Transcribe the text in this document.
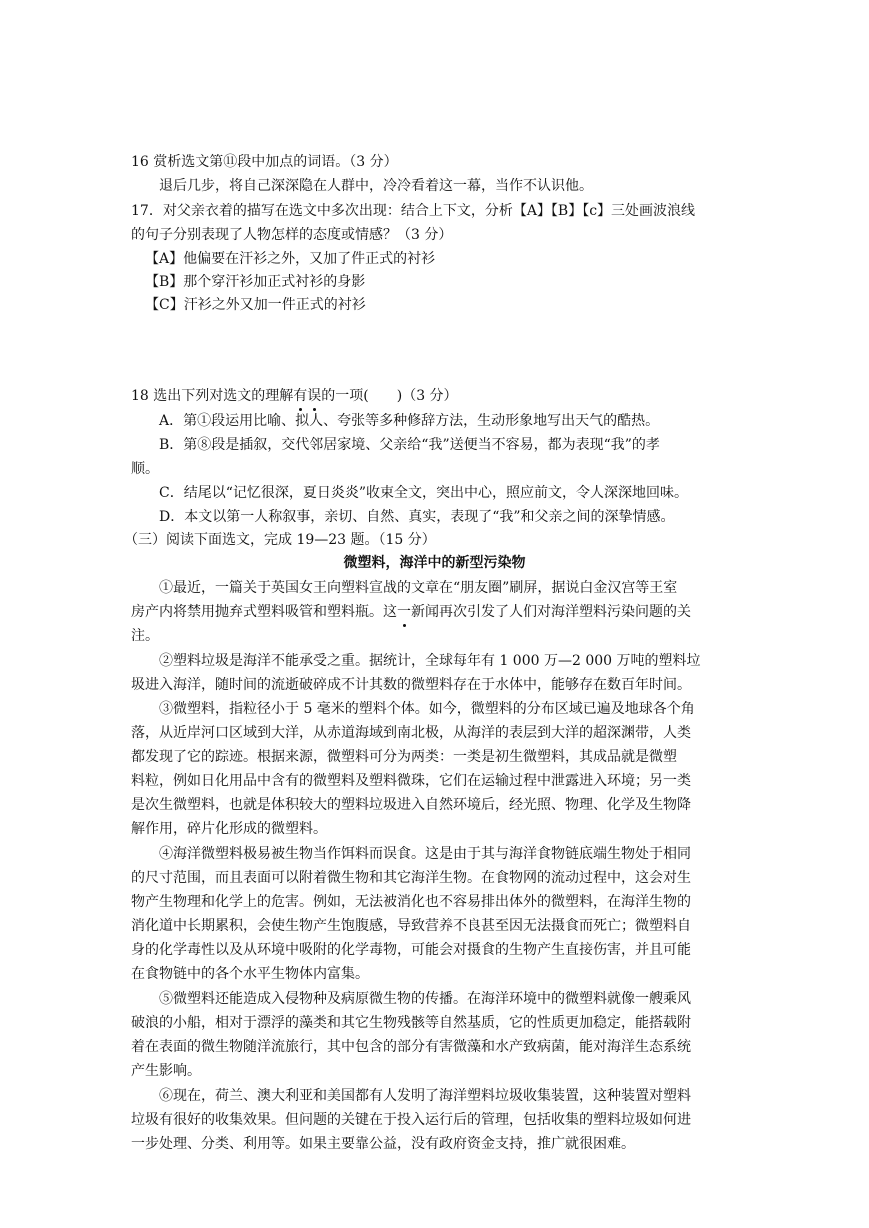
16 赏析选文第⑪段中加点的词语。（3 分）
退后几步，将自己深深隐在人群中，冷冷看着这一幕，当作不认识他。
17．对父亲衣着的描写在选文中多次出现：结合上下文，分析【A】【B】【c】三处画波浪线
的句子分别表现了人物怎样的态度或情感？（3 分）
【A】他偏要在汗衫之外，又加了件正式的衬衫
【B】那个穿汗衫加正式衬衫的身影
【C】汗衫之外又加一件正式的衬衫
18 选出下列对选文的理解有误的一项(　　)（3 分）
A．第①段运用比喻、拟人、夸张等多种修辞方法，生动形象地写出天气的酷热。
B．第⑧段是插叙，交代邻居家境、父亲给“我”送便当不容易，都为表现“我”的孝
顺。
C．结尾以“记忆很深，夏日炎炎”收束全文，突出中心，照应前文，令人深深地回味。
D．本文以第一人称叙事，亲切、自然、真实，表现了“我”和父亲之间的深挚情感。
（三）阅读下面选文，完成 19—23 题。（15 分）
微塑料，海洋中的新型污染物
①最近，一篇关于英国女王向塑料宣战的文章在“朋友圈”刷屏，据说白金汉宫等王室
房产内将禁用抛弃式塑料吸管和塑料瓶。这一新闻再次引发了人们对海洋塑料污染问题的关
注。
②塑料垃圾是海洋不能承受之重。据统计，全球每年有 1 000 万—2 000 万吨的塑料垃
圾进入海洋，随时间的流逝破碎成不计其数的微塑料存在于水体中，能够存在数百年时间。
③微塑料，指粒径小于 5 毫米的塑料个体。如今，微塑料的分布区域已遍及地球各个角
落，从近岸河口区域到大洋，从赤道海域到南北极，从海洋的表层到大洋的超深渊带，人类
都发现了它的踪迹。根据来源，微塑料可分为两类：一类是初生微塑料，其成品就是微塑
料粒，例如日化用品中含有的微塑料及塑料微珠，它们在运输过程中泄露进入环境；另一类
是次生微塑料，也就是体积较大的塑料垃圾进入自然环境后，经光照、物理、化学及生物降
解作用，碎片化形成的微塑料。
④海洋微塑料极易被生物当作饵料而误食。这是由于其与海洋食物链底端生物处于相同
的尺寸范围，而且表面可以附着微生物和其它海洋生物。在食物网的流动过程中，这会对生
物产生物理和化学上的危害。例如，无法被消化也不容易排出体外的微塑料，在海洋生物的
消化道中长期累积，会使生物产生饱腹感，导致营养不良甚至因无法摄食而死亡；微塑料自
身的化学毒性以及从环境中吸附的化学毒物，可能会对摄食的生物产生直接伤害，并且可能
在食物链中的各个水平生物体内富集。
⑤微塑料还能造成入侵物种及病原微生物的传播。在海洋环境中的微塑料就像一艘乘风
破浪的小船，相对于漂浮的藻类和其它生物残骸等自然基质，它的性质更加稳定，能搭载附
着在表面的微生物随洋流旅行，其中包含的部分有害微藻和水产致病菌，能对海洋生态系统
产生影响。
⑥现在，荷兰、澳大利亚和美国都有人发明了海洋塑料垃圾收集装置，这种装置对塑料
垃圾有很好的收集效果。但问题的关键在于投入运行后的管理，包括收集的塑料垃圾如何进
一步处理、分类、利用等。如果主要靠公益，没有政府资金支持，推广就很困难。
